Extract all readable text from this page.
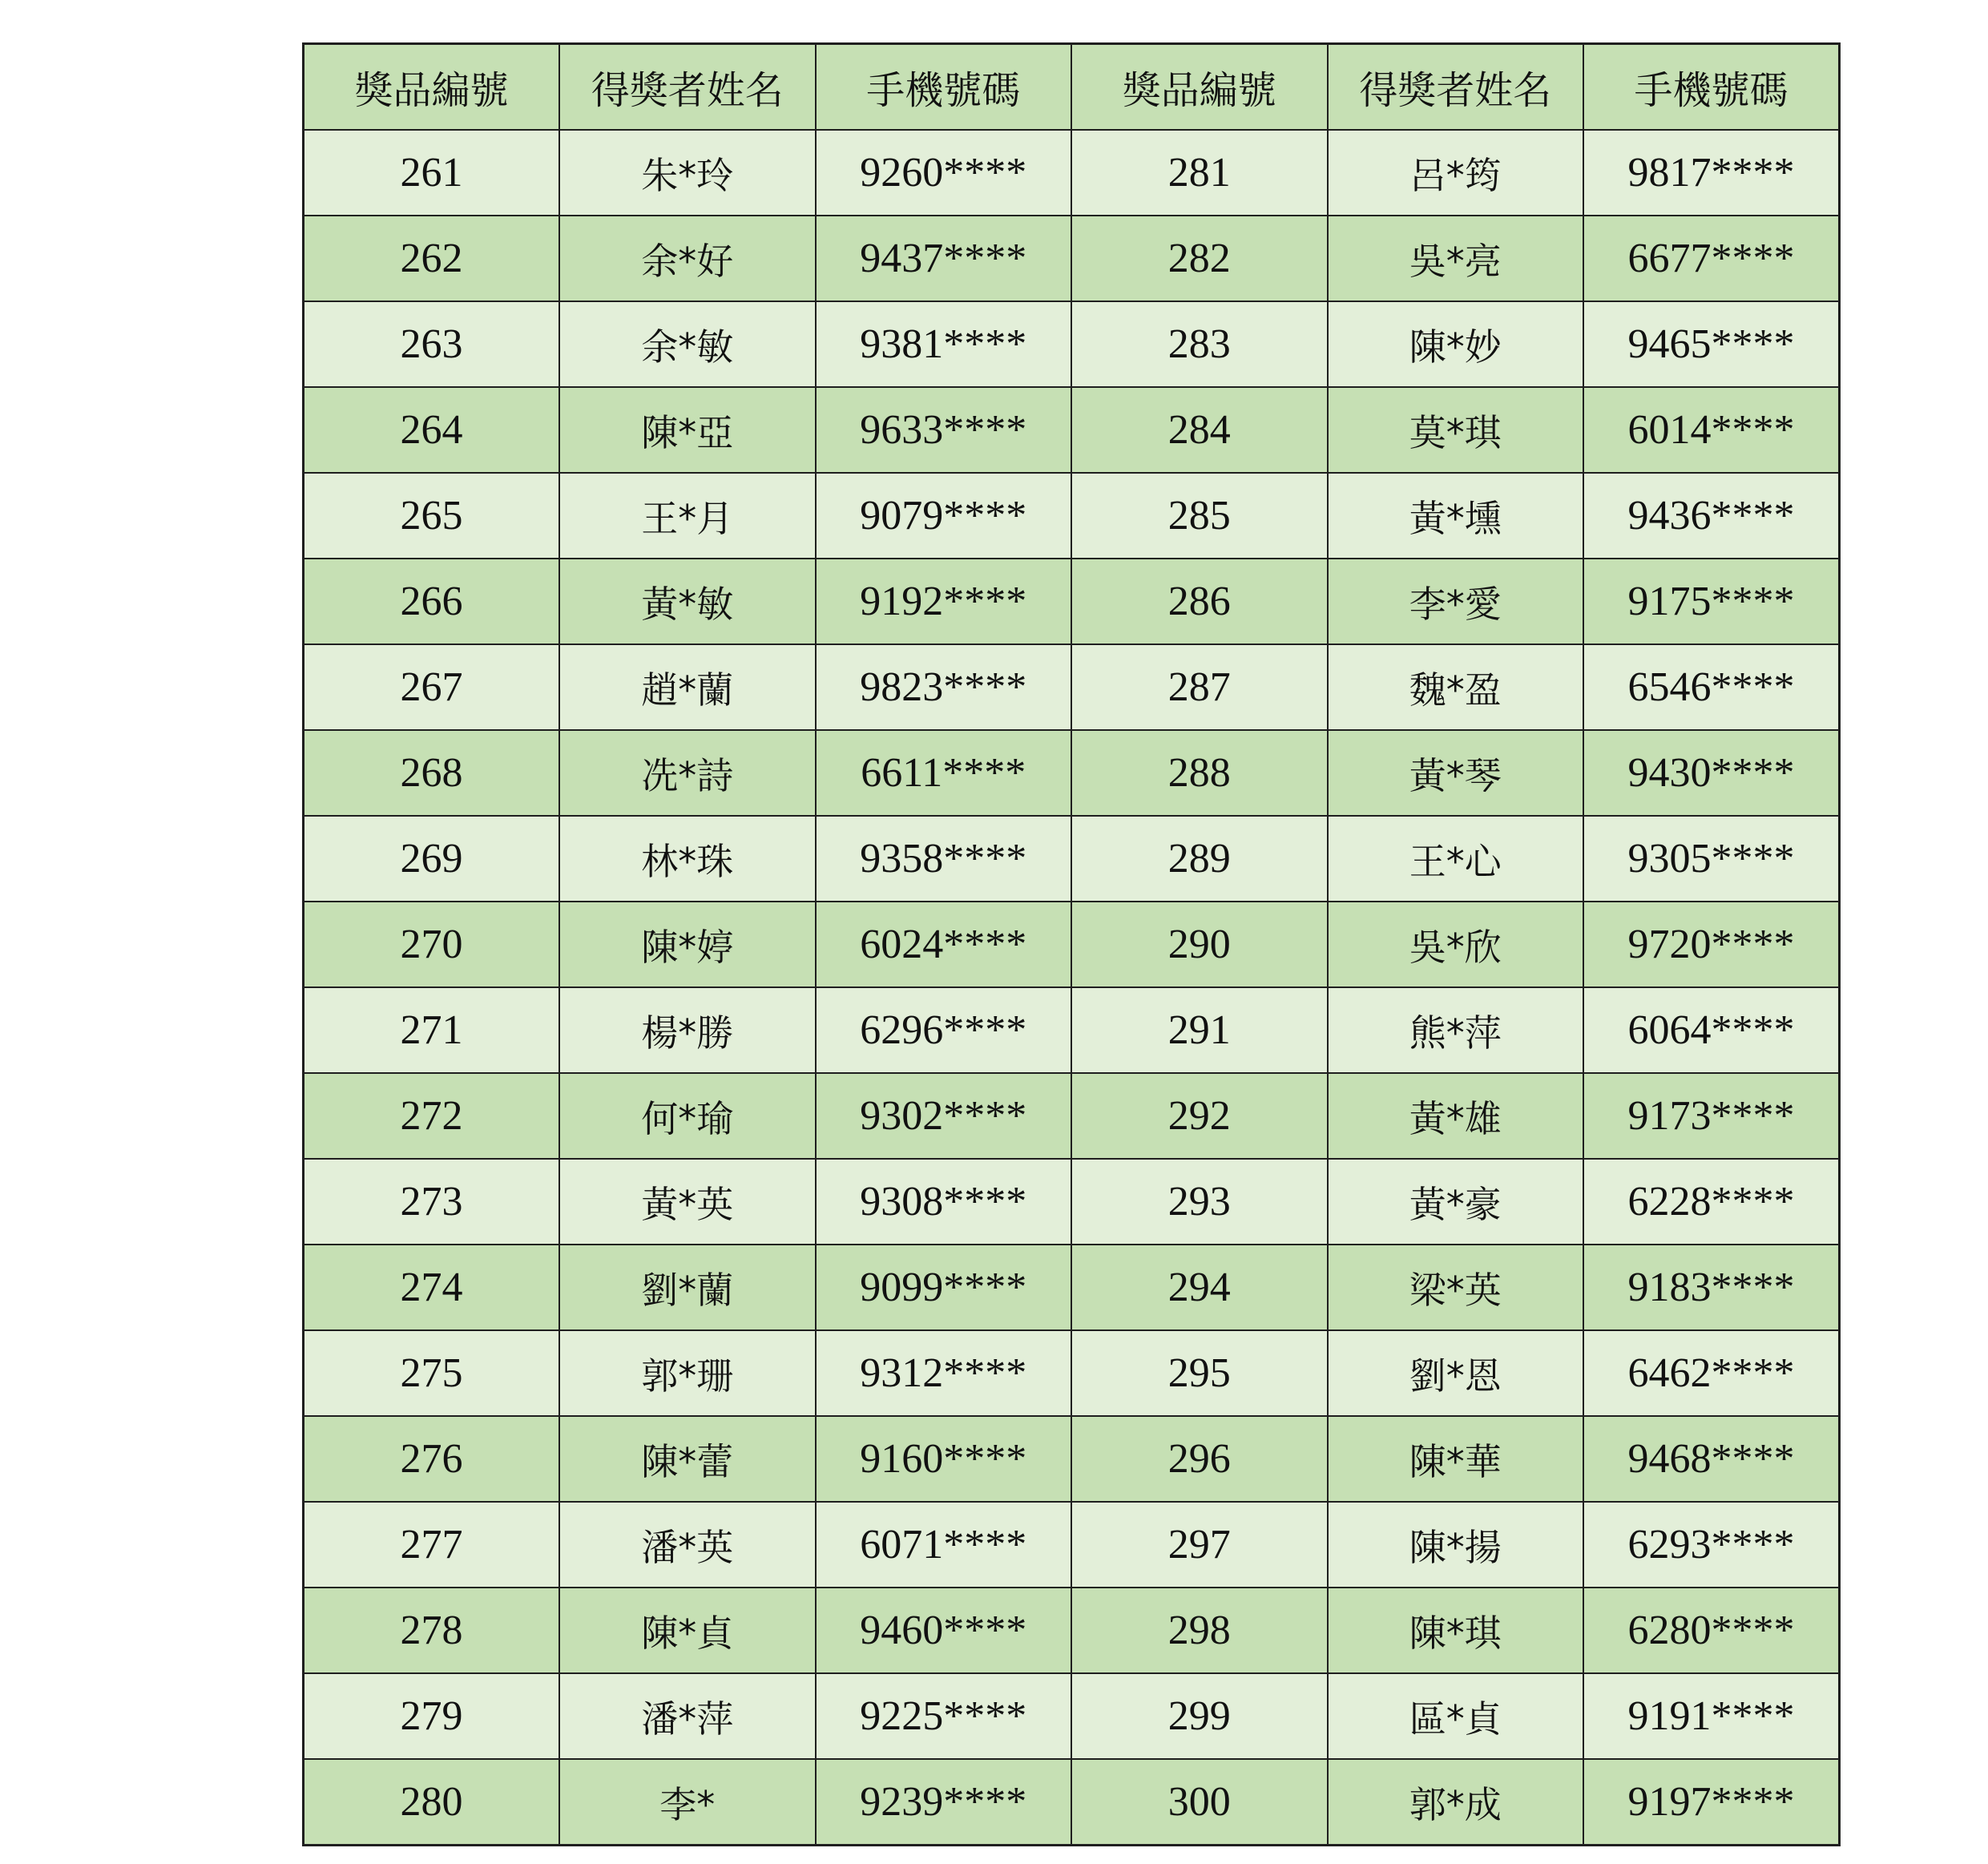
獎品編號	得獎者姓名	手機號碼	獎品編號	得獎者姓名	手機號碼
261	朱*玲	9260****	281	呂*筠	9817****
262	余*好	9437****	282	吳*亮	6677****
263	余*敏	9381****	283	陳*妙	9465****
264	陳*亞	9633****	284	莫*琪	6014****
265	王*月	9079****	285	黃*壎	9436****
266	黃*敏	9192****	286	李*愛	9175****
267	趙*蘭	9823****	287	魏*盈	6546****
268	冼*詩	6611****	288	黃*琴	9430****
269	林*珠	9358****	289	王*心	9305****
270	陳*婷	6024****	290	吳*欣	9720****
271	楊*勝	6296****	291	熊*萍	6064****
272	何*瑜	9302****	292	黃*雄	9173****
273	黃*英	9308****	293	黃*豪	6228****
274	劉*蘭	9099****	294	梁*英	9183****
275	郭*珊	9312****	295	劉*恩	6462****
276	陳*蕾	9160****	296	陳*華	9468****
277	潘*英	6071****	297	陳*揚	6293****
278	陳*貞	9460****	298	陳*琪	6280****
279	潘*萍	9225****	299	區*貞	9191****
280	李*	9239****	300	郭*成	9197****
